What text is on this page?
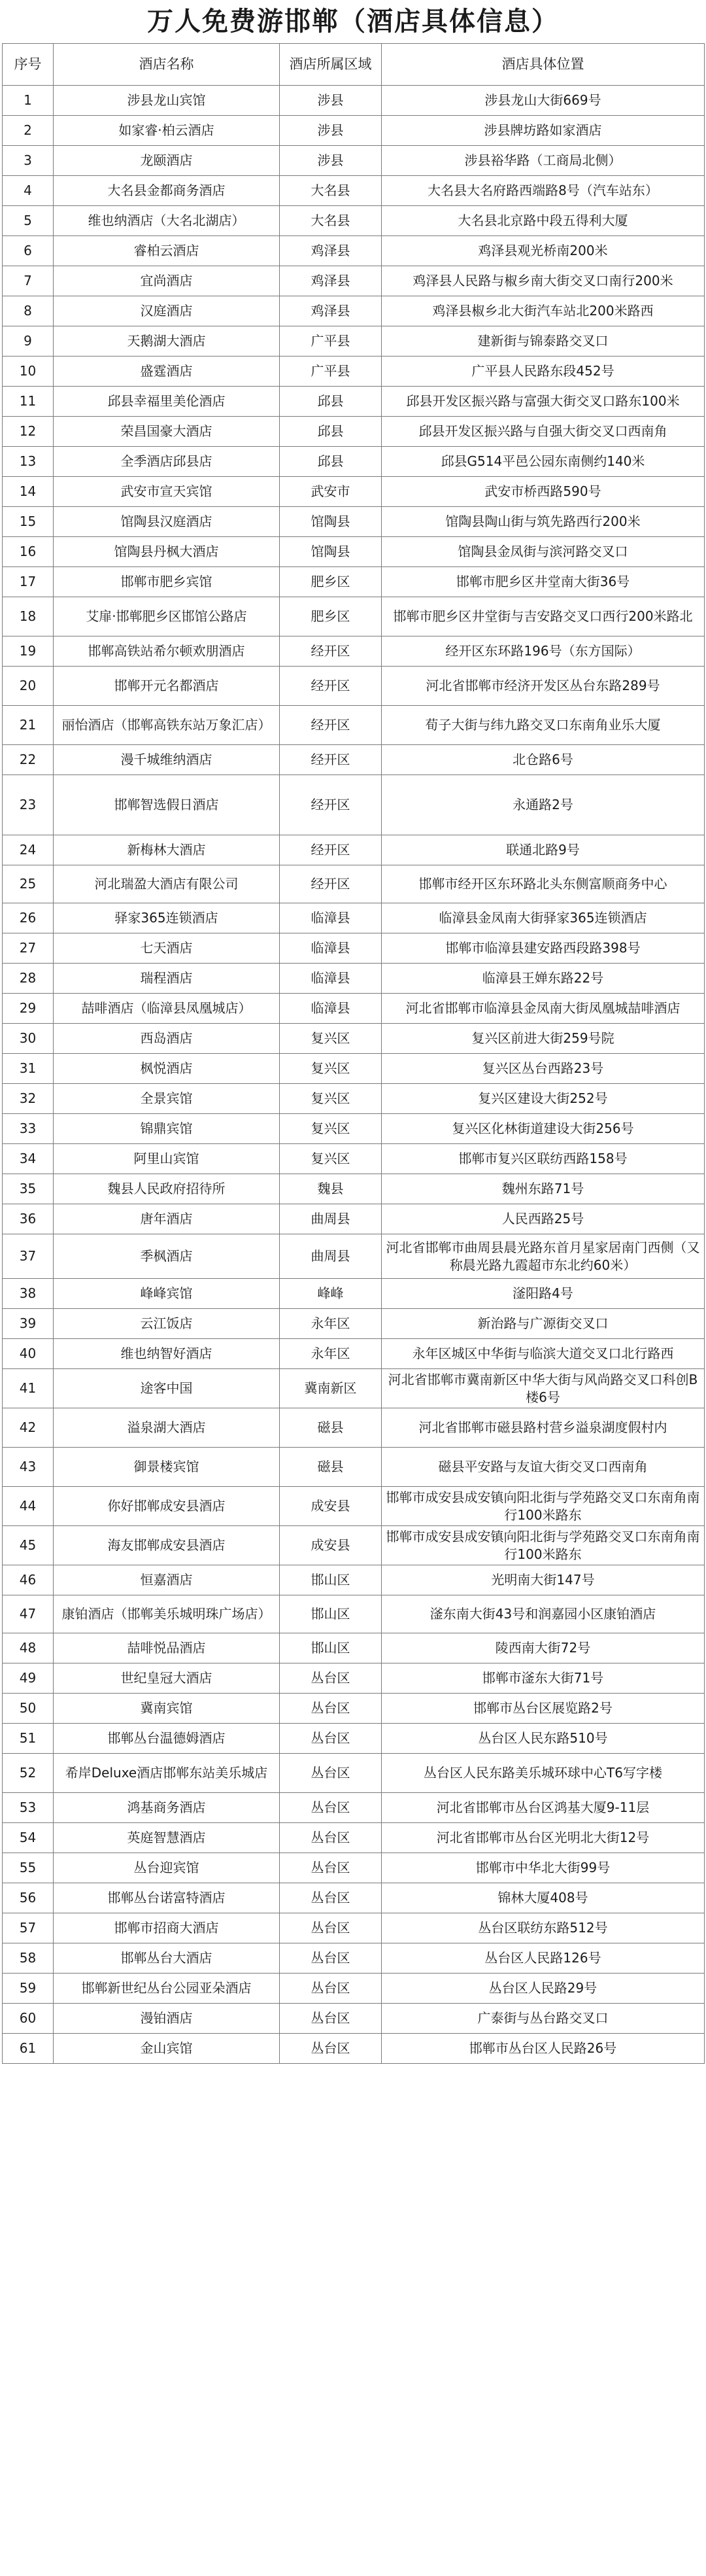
万人免费游邯郸（酒店具体信息）
序号	酒店名称	酒店所属区域	酒店具体位置
1	涉县龙山宾馆	涉县	涉县龙山大街669号
2	如家睿·柏云酒店	涉县	涉县牌坊路如家酒店
3	龙颐酒店	涉县	涉县裕华路（工商局北侧）
4	大名县金都商务酒店	大名县	大名县大名府路西端路8号（汽车站东）
5	维也纳酒店（大名北湖店）	大名县	大名县北京路中段五得利大厦
6	睿柏云酒店	鸡泽县	鸡泽县观光桥南200米
7	宜尚酒店	鸡泽县	鸡泽县人民路与椒乡南大街交叉口南行200米
8	汉庭酒店	鸡泽县	鸡泽县椒乡北大街汽车站北200米路西
9	天鹅湖大酒店	广平县	建新街与锦泰路交叉口
10	盛霆酒店	广平县	广平县人民路东段452号
11	邱县幸福里美伦酒店	邱县	邱县开发区振兴路与富强大街交叉口路东100米
12	荣昌国豪大酒店	邱县	邱县开发区振兴路与自强大街交叉口西南角
13	全季酒店邱县店	邱县	邱县G514平邑公园东南侧约140米
14	武安市宣天宾馆	武安市	武安市桥西路590号
15	馆陶县汉庭酒店	馆陶县	馆陶县陶山街与筑先路西行200米
16	馆陶县丹枫大酒店	馆陶县	馆陶县金凤街与滨河路交叉口
17	邯郸市肥乡宾馆	肥乡区	邯郸市肥乡区井堂南大街36号
18	艾扉·邯郸肥乡区邯馆公路店	肥乡区	邯郸市肥乡区井堂街与吉安路交叉口西行200米路北
19	邯郸高铁站希尔顿欢朋酒店	经开区	经开区东环路196号（东方国际）
20	邯郸开元名都酒店	经开区	河北省邯郸市经济开发区丛台东路289号
21	丽怡酒店（邯郸高铁东站万象汇店）	经开区	荀子大街与纬九路交叉口东南角业乐大厦
22	漫千城维纳酒店	经开区	北仓路6号
23	邯郸智选假日酒店	经开区	永通路2号
24	新梅林大酒店	经开区	联通北路9号
25	河北瑞盈大酒店有限公司	经开区	邯郸市经开区东环路北头东侧富顺商务中心
26	驿家365连锁酒店	临漳县	临漳县金凤南大街驿家365连锁酒店
27	七天酒店	临漳县	邯郸市临漳县建安路西段路398号
28	瑞程酒店	临漳县	临漳县王婵东路22号
29	喆啡酒店（临漳县凤凰城店）	临漳县	河北省邯郸市临漳县金凤南大街凤凰城喆啡酒店
30	西岛酒店	复兴区	复兴区前进大街259号院
31	枫悦酒店	复兴区	复兴区丛台西路23号
32	全景宾馆	复兴区	复兴区建设大街252号
33	锦鼎宾馆	复兴区	复兴区化林街道建设大街256号
34	阿里山宾馆	复兴区	邯郸市复兴区联纺西路158号
35	魏县人民政府招待所	魏县	魏州东路71号
36	唐年酒店	曲周县	人民西路25号
37	季枫酒店	曲周县	河北省邯郸市曲周县晨光路东首月星家居南门西侧（又称晨光路九霞超市东北约60米）
38	峰峰宾馆	峰峰	滏阳路4号
39	云江饭店	永年区	新治路与广源街交叉口
40	维也纳智好酒店	永年区	永年区城区中华街与临滨大道交叉口北行路西
41	途客中国	冀南新区	河北省邯郸市冀南新区中华大街与风尚路交叉口科创B楼6号
42	溢泉湖大酒店	磁县	河北省邯郸市磁县路村营乡溢泉湖度假村内
43	御景楼宾馆	磁县	磁县平安路与友谊大街交叉口西南角
44	你好邯郸成安县酒店	成安县	邯郸市成安县成安镇向阳北街与学苑路交叉口东南角南行100米路东
45	海友邯郸成安县酒店	成安县	邯郸市成安县成安镇向阳北街与学苑路交叉口东南角南行100米路东
46	恒嘉酒店	邯山区	光明南大街147号
47	康铂酒店（邯郸美乐城明珠广场店）	邯山区	滏东南大街43号和润嘉园小区康铂酒店
48	喆啡悦品酒店	邯山区	陵西南大街72号
49	世纪皇冠大酒店	丛台区	邯郸市滏东大街71号
50	冀南宾馆	丛台区	邯郸市丛台区展览路2号
51	邯郸丛台温德姆酒店	丛台区	丛台区人民东路510号
52	希岸Deluxe酒店邯郸东站美乐城店	丛台区	丛台区人民东路美乐城环球中心T6写字楼
53	鸿基商务酒店	丛台区	河北省邯郸市丛台区鸿基大厦9-11层
54	英庭智慧酒店	丛台区	河北省邯郸市丛台区光明北大街12号
55	丛台迎宾馆	丛台区	邯郸市中华北大街99号
56	邯郸丛台诺富特酒店	丛台区	锦林大厦408号
57	邯郸市招商大酒店	丛台区	丛台区联纺东路512号
58	邯郸丛台大酒店	丛台区	丛台区人民路126号
59	邯郸新世纪丛台公园亚朵酒店	丛台区	丛台区人民路29号
60	漫铂酒店	丛台区	广泰街与丛台路交叉口
61	金山宾馆	丛台区	邯郸市丛台区人民路26号
